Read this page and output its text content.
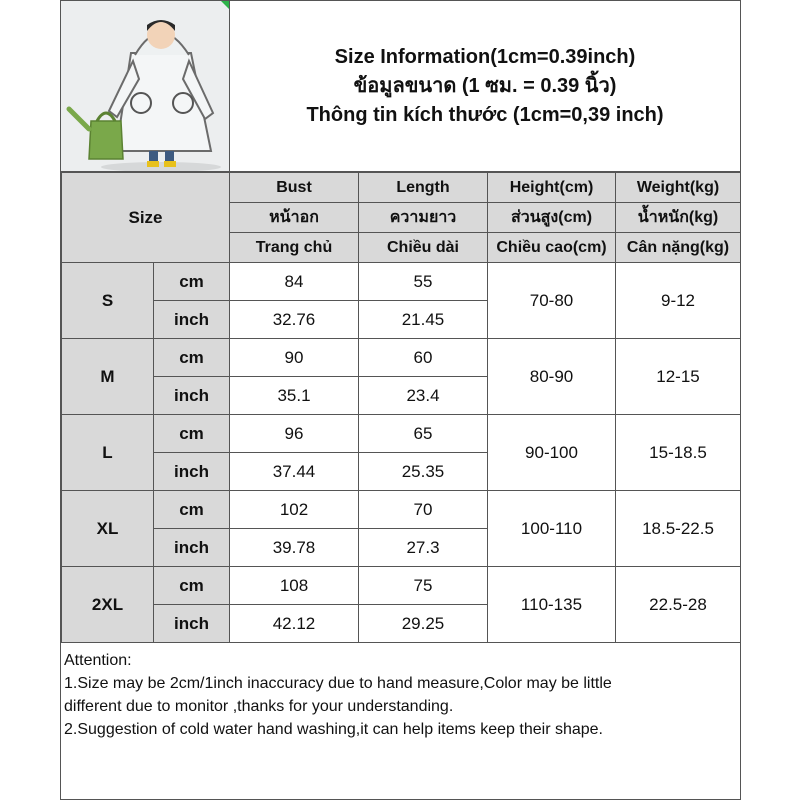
Size Information(1cm=0.39inch)
ข้อมูลขนาด (1 ซม. = 0.39 นิ้ว)
Thông tin kích thước (1cm=0,39 inch)
Size		Bust	Length	Height(cm)	Weight(kg)
		หน้าอก	ความยาว	ส่วนสูง(cm)	น้ำหนัก(kg)
		Trang chủ	Chiều dài	Chiều cao(cm)	Cân nặng(kg)
S	cm	84	55	70-80	9-12
	inch	32.76	21.45		
M	cm	90	60	80-90	12-15
	inch	35.1	23.4		
L	cm	96	65	90-100	15-18.5
	inch	37.44	25.35		
XL	cm	102	70	100-110	18.5-22.5
	inch	39.78	27.3		
2XL	cm	108	75	110-135	22.5-28
	inch	42.12	29.25		
Attention:
1.Size may be 2cm/1inch inaccuracy due to hand measure,Color may be little
different due to monitor ,thanks for your understanding.
2.Suggestion of cold water hand washing,it can help items keep their shape.
